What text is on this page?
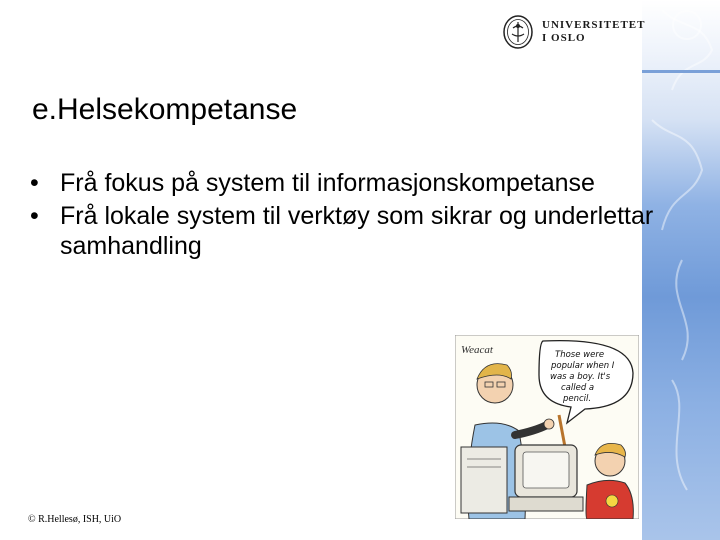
UNIVERSITETET
I OSLO
e.Helsekompetanse
• Frå fokus på system til informasjonskompetanse
• Frå lokale system til verktøy som sikrar og underlettar samhandling
Weacat	Those were
popular when I
was a boy. It's
called a
pencil.
© R.Hellesø, ISH, UiO
